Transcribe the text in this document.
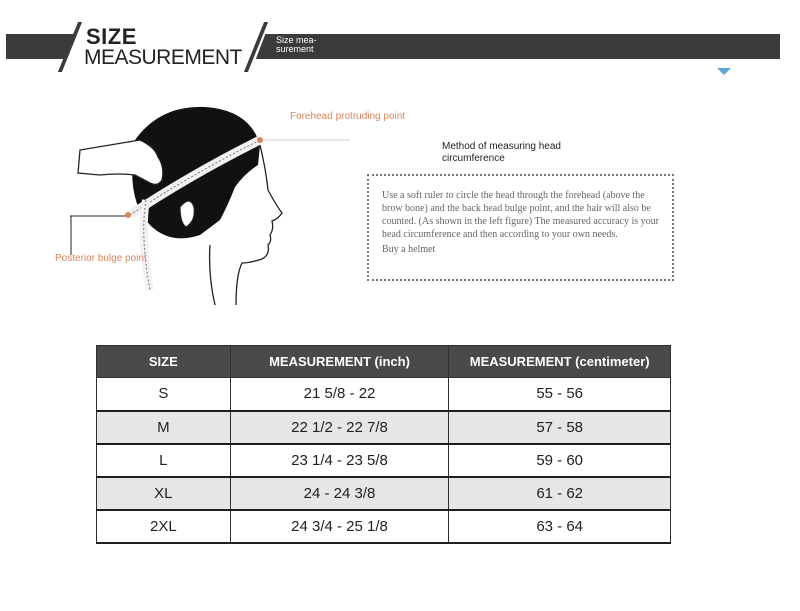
SIZE
MEASUREMENT
Size mea-
surement
Forehead protruding point
Posterior bulge point
Method of measuring head circumference
Use a soft ruler to circle the head through the forehead (above the brow bone) and the back head bulge point, and the hair will also be counted. (As shown in the left figure) The measured accuracy is your head circumference and then according to your own needs.
Buy a helmet
SIZE	MEASUREMENT (inch)	MEASUREMENT (centimeter)
S	21 5/8 - 22	55 - 56
M	22 1/2 - 22 7/8	57 - 58
L	23 1/4 - 23 5/8	59 - 60
XL	24 - 24 3/8	61 - 62
2XL	24 3/4 - 25 1/8	63 - 64
